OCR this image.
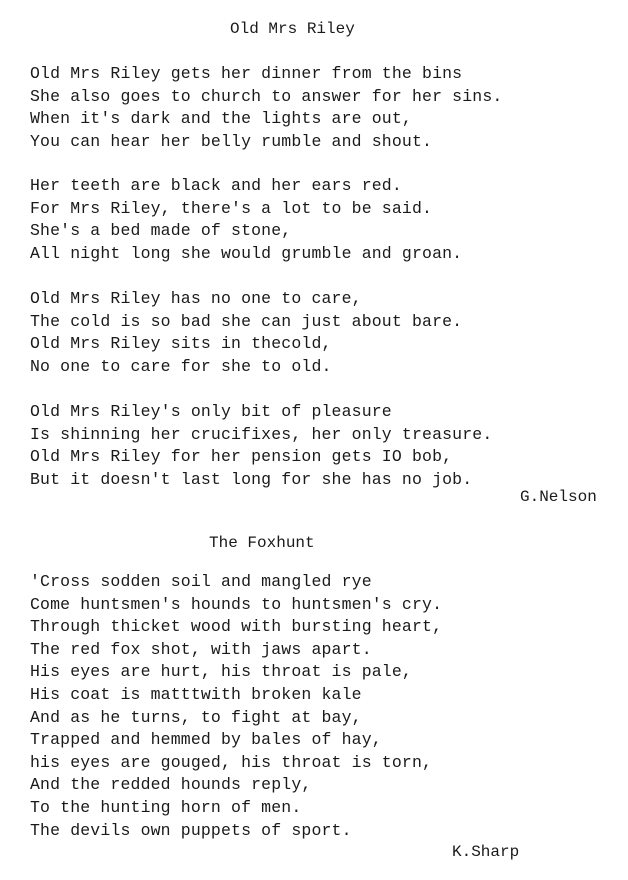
Old Mrs Riley
Old Mrs Riley gets her dinner from the bins
She also goes to church to answer for her sins.
When it's dark and the lights are out,
You can hear her belly rumble and shout.
Her teeth are black and her ears red.
For Mrs Riley, there's a lot to be said.
She's a bed made of stone,
All night long she would grumble and groan.
Old Mrs Riley has no one to care,
The cold is so bad she can just about bare.
Old Mrs Riley sits in thecold,
No one to care for she to old.
Old Mrs Riley's only bit of pleasure
Is shinning her crucifixes, her only treasure.
Old Mrs Riley for her pension gets IO bob,
But it doesn't last long for she has no job.
G.Nelson
The Foxhunt
'Cross sodden soil and mangled rye
Come huntsmen's hounds to huntsmen's cry.
Through thicket wood with bursting heart,
The red fox shot, with jaws apart.
His eyes are hurt, his throat is pale,
His coat is matttwith broken kale
And as he turns, to fight at bay,
Trapped and hemmed by bales of hay,
his eyes are gouged, his throat is torn,
And the redded hounds reply,
To the hunting horn of men.
The devils own puppets of sport.
K.Sharp
